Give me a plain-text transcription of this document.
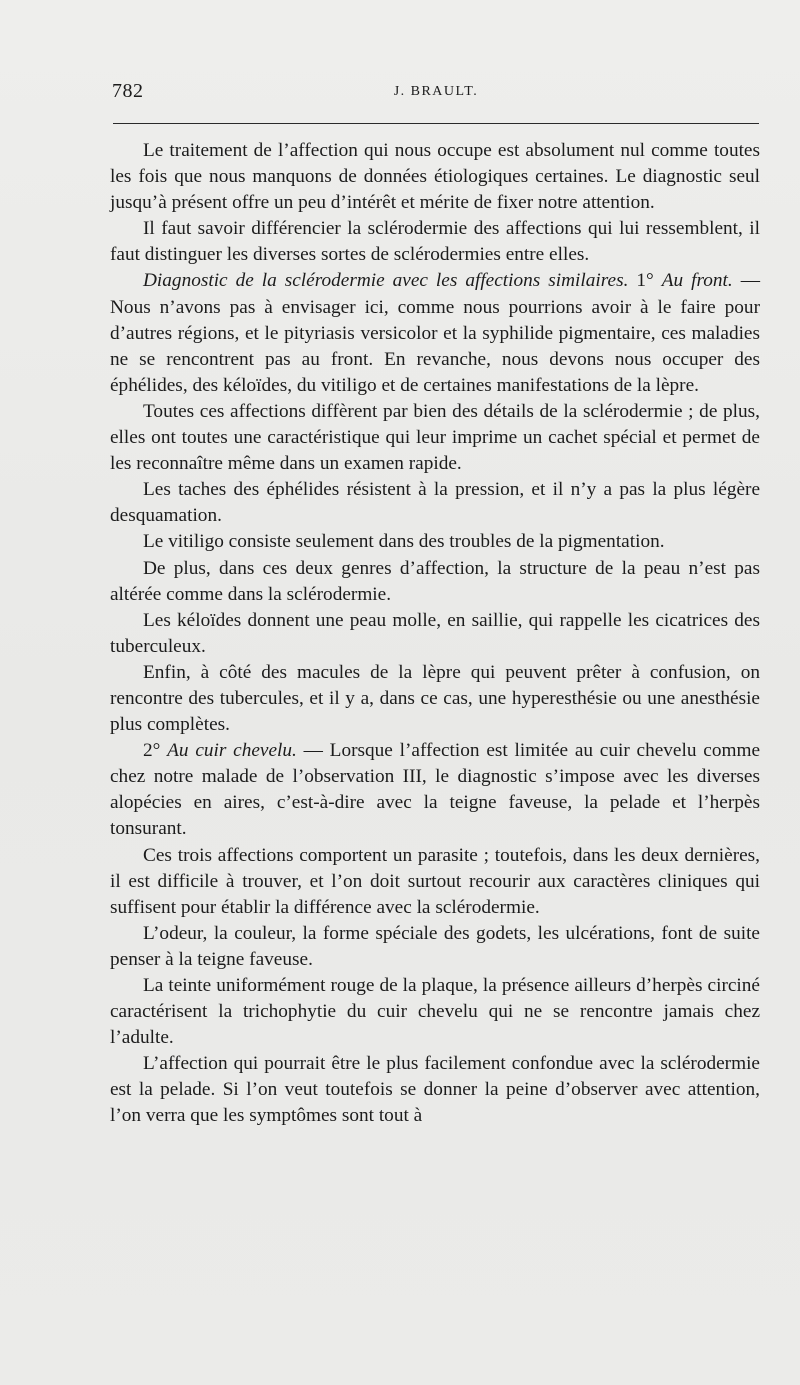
782	J. BRAULT.

Le traitement de l’affection qui nous occupe est absolument nul comme toutes les fois que nous manquons de données étiologiques certaines. Le diagnostic seul jusqu’à présent offre un peu d’intérêt et mérite de fixer notre attention.

Il faut savoir différencier la sclérodermie des affections qui lui ressemblent, il faut distinguer les diverses sortes de sclérodermies entre elles.

Diagnostic de la sclérodermie avec les affections similaires. 1° Au front. — Nous n’avons pas à envisager ici, comme nous pourrions avoir à le faire pour d’autres régions, et le pityriasis versicolor et la syphilide pigmentaire, ces maladies ne se rencontrent pas au front. En revanche, nous devons nous occuper des éphélides, des kéloïdes, du vitiligo et de certaines manifestations de la lèpre.

Toutes ces affections diffèrent par bien des détails de la sclérodermie ; de plus, elles ont toutes une caractéristique qui leur imprime un cachet spécial et permet de les reconnaître même dans un examen rapide.

Les taches des éphélides résistent à la pression, et il n’y a pas la plus légère desquamation.

Le vitiligo consiste seulement dans des troubles de la pigmentation.

De plus, dans ces deux genres d’affection, la structure de la peau n’est pas altérée comme dans la sclérodermie.

Les kéloïdes donnent une peau molle, en saillie, qui rappelle les cicatrices des tuberculeux.

Enfin, à côté des macules de la lèpre qui peuvent prêter à confusion, on rencontre des tubercules, et il y a, dans ce cas, une hyperesthésie ou une anesthésie plus complètes.

2° Au cuir chevelu. — Lorsque l’affection est limitée au cuir chevelu comme chez notre malade de l’observation III, le diagnostic s’impose avec les diverses alopécies en aires, c’est-à-dire avec la teigne faveuse, la pelade et l’herpès tonsurant.

Ces trois affections comportent un parasite ; toutefois, dans les deux dernières, il est difficile à trouver, et l’on doit surtout recourir aux caractères cliniques qui suffisent pour établir la différence avec la sclérodermie.

L’odeur, la couleur, la forme spéciale des godets, les ulcérations, font de suite penser à la teigne faveuse.

La teinte uniformément rouge de la plaque, la présence ailleurs d’herpès circiné caractérisent la trichophytie du cuir chevelu qui ne se rencontre jamais chez l’adulte.

L’affection qui pourrait être le plus facilement confondue avec la sclérodermie est la pelade. Si l’on veut toutefois se donner la peine d’observer avec attention, l’on verra que les symptômes sont tout à
